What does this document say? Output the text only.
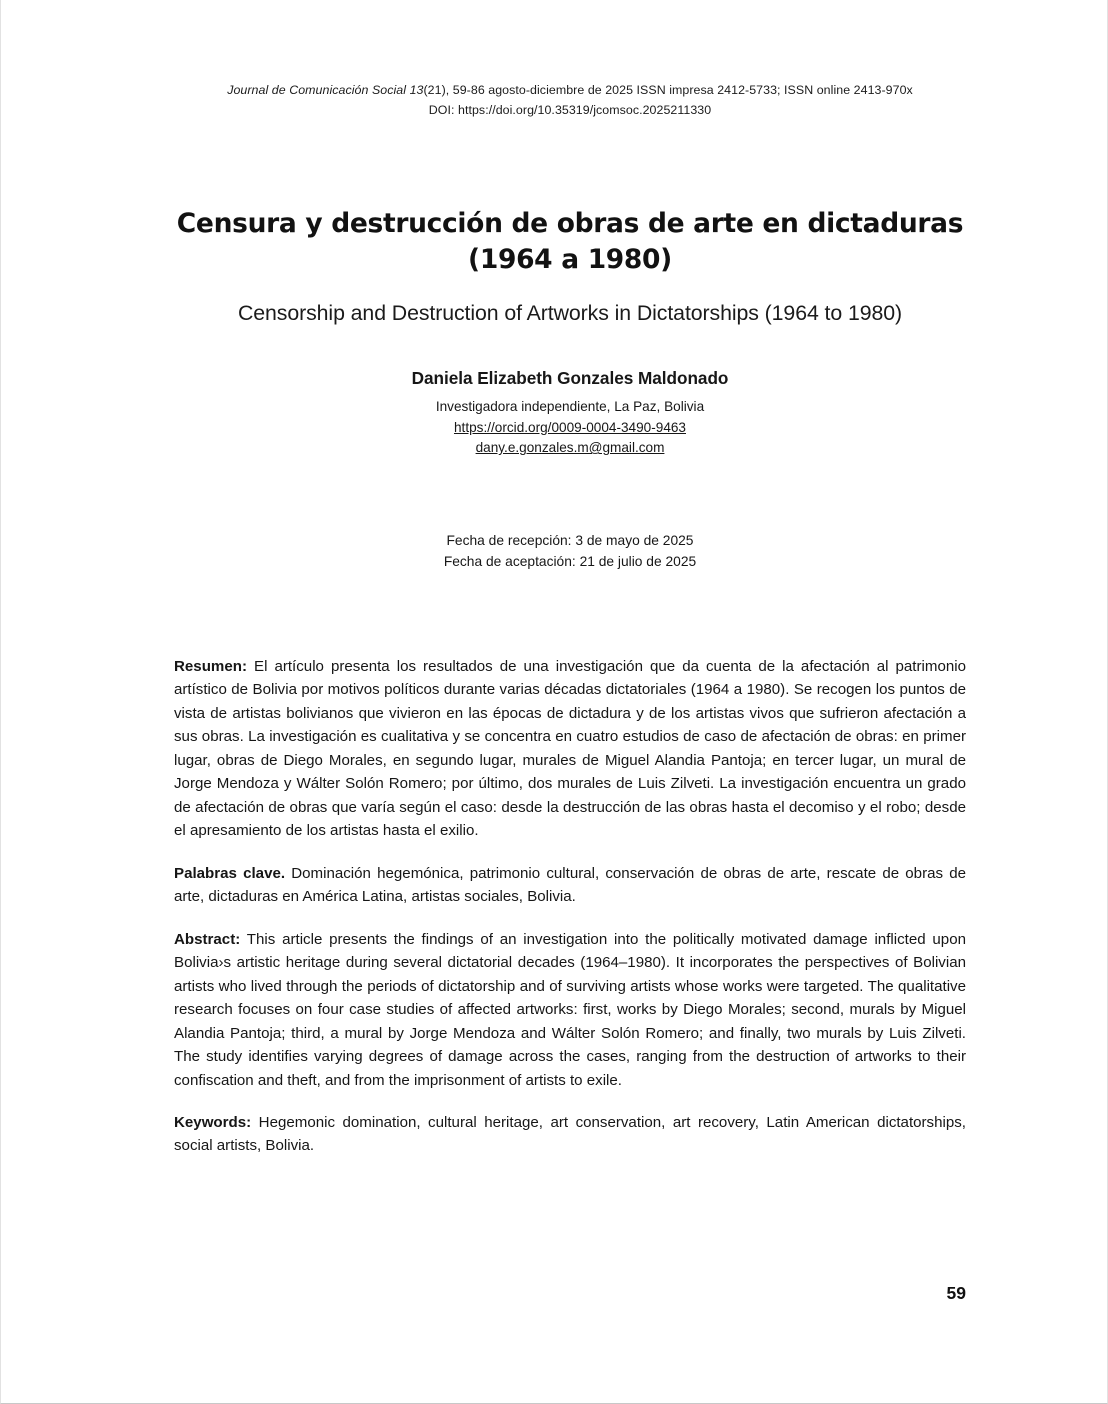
Journal de Comunicación Social 13(21), 59-86 agosto-diciembre de 2025 ISSN impresa 2412-5733; ISSN online 2413-970x
DOI: https://doi.org/10.35319/jcomsoc.2025211330
Censura y destrucción de obras de arte en dictaduras (1964 a 1980)
Censorship and Destruction of Artworks in Dictatorships (1964 to 1980)
Daniela Elizabeth Gonzales Maldonado
Investigadora independiente, La Paz, Bolivia
https://orcid.org/0009-0004-3490-9463
dany.e.gonzales.m@gmail.com
Fecha de recepción: 3 de mayo de 2025
Fecha de aceptación: 21 de julio de 2025

Resumen: El artículo presenta los resultados de una investigación que da cuenta de la afectación al patrimonio artístico de Bolivia por motivos políticos durante varias décadas dictatoriales (1964 a 1980). Se recogen los puntos de vista de artistas bolivianos que vivieron en las épocas de dictadura y de los artistas vivos que sufrieron afectación a sus obras. La investigación es cualitativa y se concentra en cuatro estudios de caso de afectación de obras: en primer lugar, obras de Diego Morales, en segundo lugar, murales de Miguel Alandia Pantoja; en tercer lugar, un mural de Jorge Mendoza y Wálter Solón Romero; por último, dos murales de Luis Zilveti. La investigación encuentra un grado de afectación de obras que varía según el caso: desde la destrucción de las obras hasta el decomiso y el robo; desde el apresamiento de los artistas hasta el exilio.

Palabras clave. Dominación hegemónica, patrimonio cultural, conservación de obras de arte, rescate de obras de arte, dictaduras en América Latina, artistas sociales, Bolivia.

Abstract: This article presents the findings of an investigation into the politically motivated damage inflicted upon Bolivia›s artistic heritage during several dictatorial decades (1964–1980). It incorporates the perspectives of Bolivian artists who lived through the periods of dictatorship and of surviving artists whose works were targeted. The qualitative research focuses on four case studies of affected artworks: first, works by Diego Morales; second, murals by Miguel Alandia Pantoja; third, a mural by Jorge Mendoza and Wálter Solón Romero; and finally, two murals by Luis Zilveti. The study identifies varying degrees of damage across the cases, ranging from the destruction of artworks to their confiscation and theft, and from the imprisonment of artists to exile.

Keywords: Hegemonic domination, cultural heritage, art conservation, art recovery, Latin American dictatorships, social artists, Bolivia.

59
